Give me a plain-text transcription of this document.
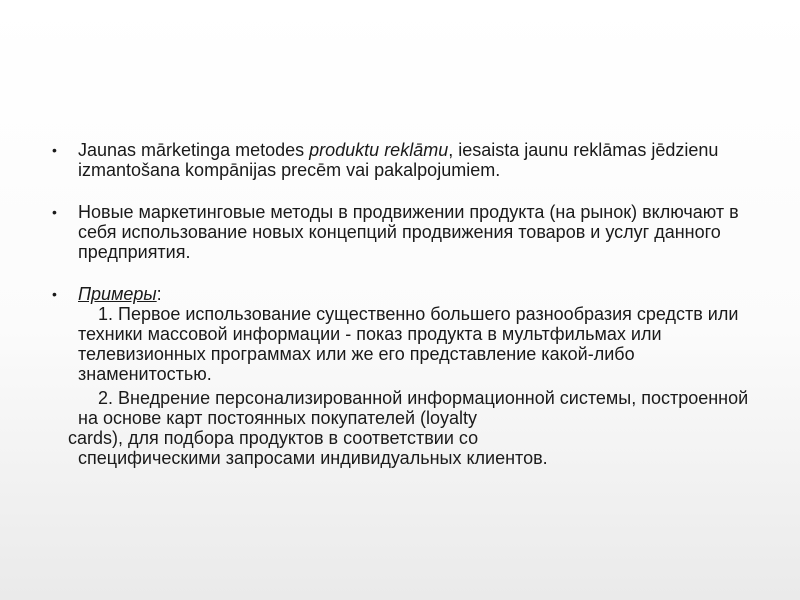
• Jaunas mārketinga metodes produktu reklāmu, iesaista jaunu reklāmas jēdzienu izmantošana kompānijas precēm vai pakalpojumiem.
• Новые маркетинговые методы в продвижении продукта (на рынок) включают в себя использование новых концепций продвижения товаров и услуг данного предприятия.
• Примеры:
1. Первое использование существенно большего разнообразия средств или техники массовой информации - показ продукта в мультфильмах или телевизионных программах или же его представление какой-либо знаменитостью.
2. Внедрение персонализированной информационной системы, построенной на основе карт постоянных покупателей (loyalty
cards), для подбора продуктов в соответствии со
специфическими запросами индивидуальных клиентов.
